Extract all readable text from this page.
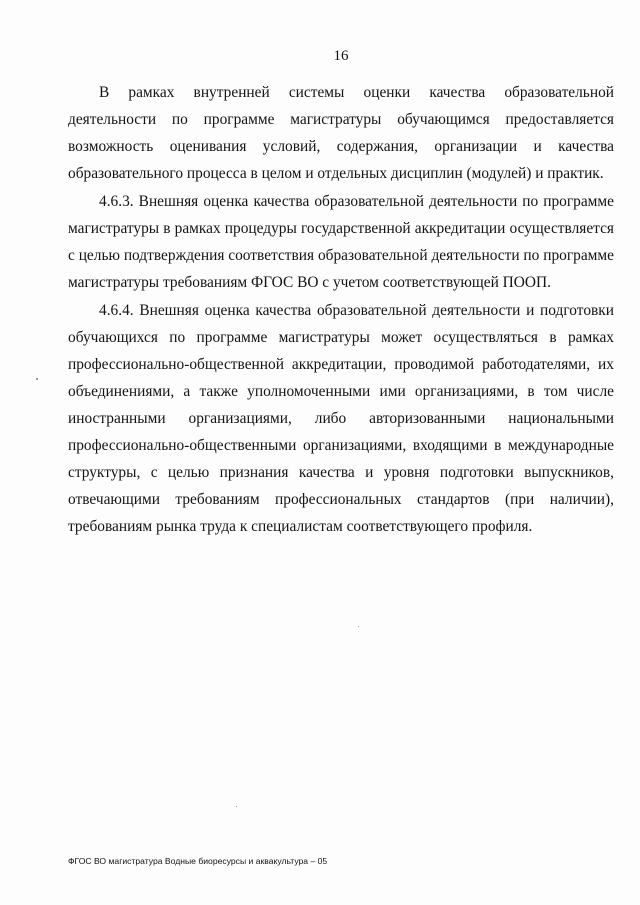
16

В рамках внутренней системы оценки качества образовательной деятельности по программе магистратуры обучающимся предоставляется возможность оценивания условий, содержания, организации и качества образовательного процесса в целом и отдельных дисциплин (модулей) и практик.

4.6.3. Внешняя оценка качества образовательной деятельности по программе магистратуры в рамках процедуры государственной аккредитации осуществляется с целью подтверждения соответствия образовательной деятельности по программе магистратуры требованиям ФГОС ВО с учетом соответствующей ПООП.

4.6.4. Внешняя оценка качества образовательной деятельности и подготовки обучающихся по программе магистратуры может осуществляться в рамках профессионально-общественной аккредитации, проводимой работодателями, их объединениями, а также уполномоченными ими организациями, в том числе иностранными организациями, либо авторизованными национальными профессионально-общественными организациями, входящими в международные структуры, с целью признания качества и уровня подготовки выпускников, отвечающими требованиям профессиональных стандартов (при наличии), требованиям рынка труда к специалистам соответствующего профиля.

ФГОС ВО магистратура Водные биоресурсы и аквакультура – 05
